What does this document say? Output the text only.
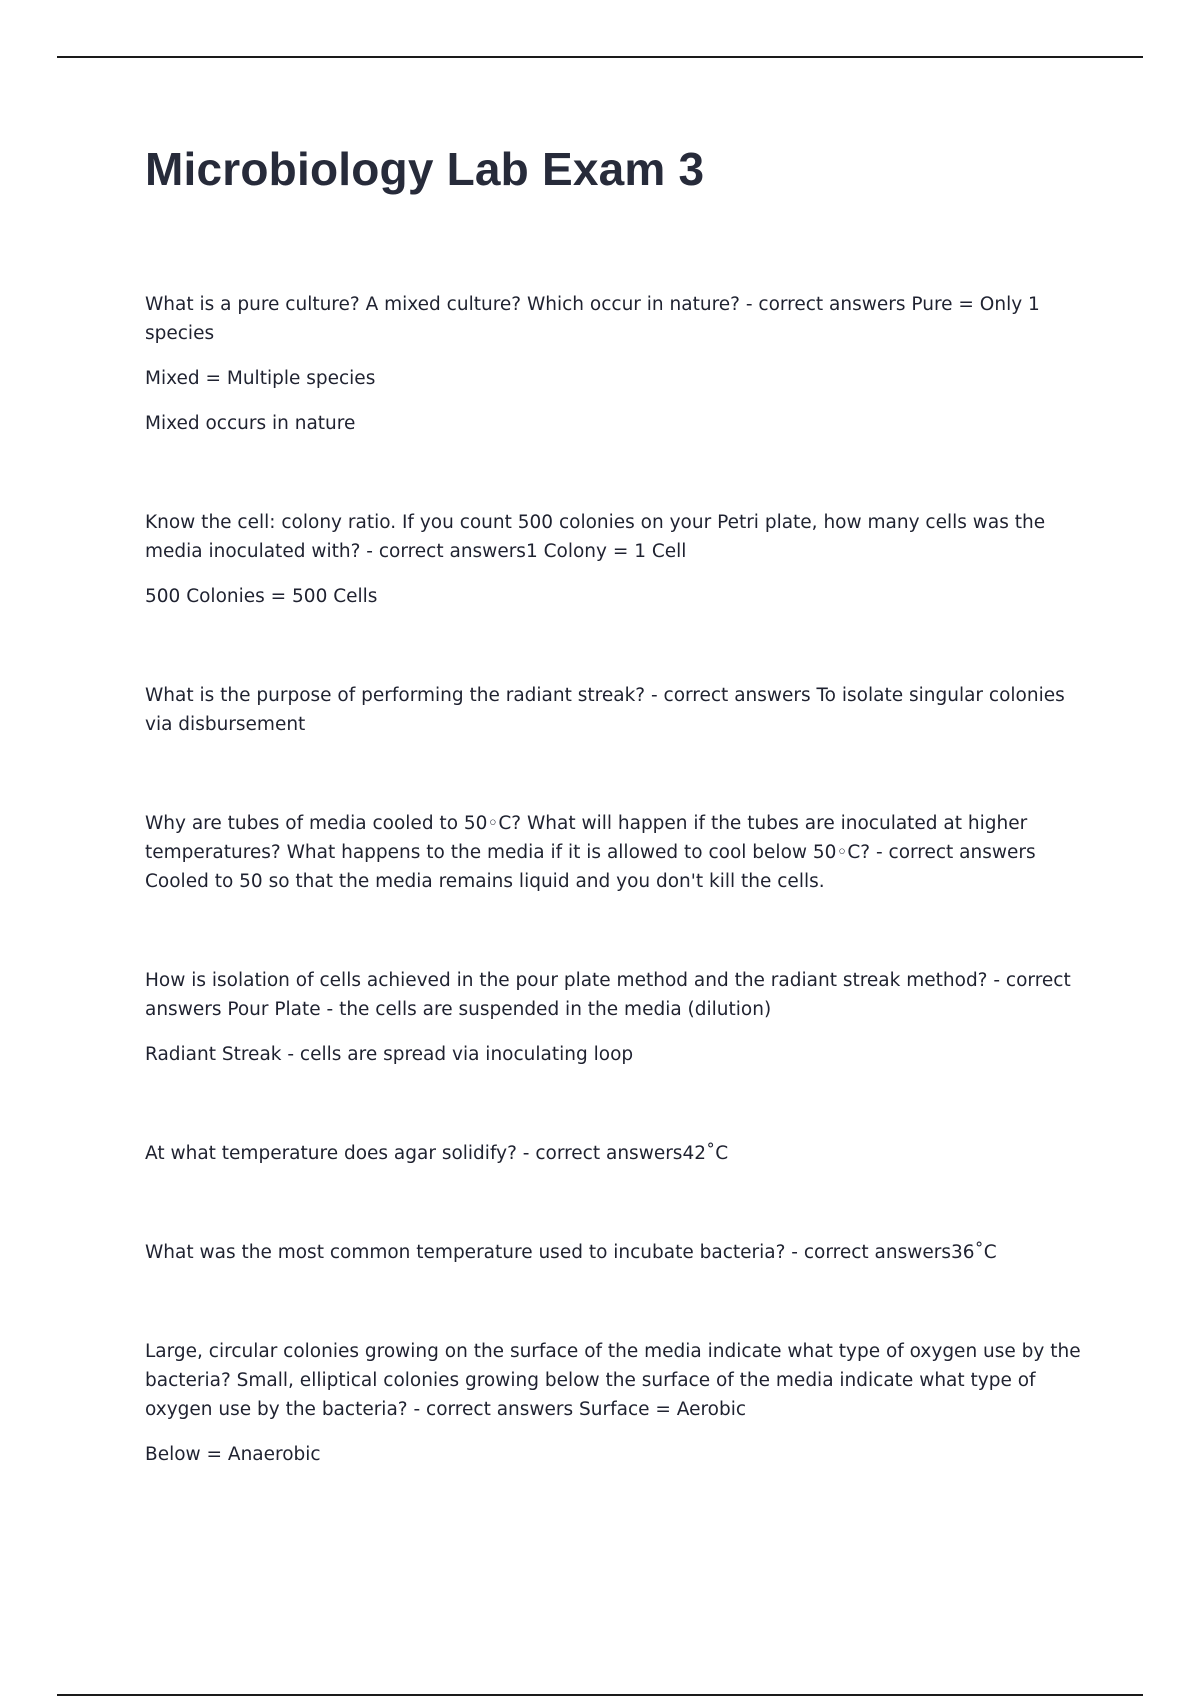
Microbiology Lab Exam 3

What is a pure culture? A mixed culture? Which occur in nature? - correct answers Pure = Only 1 species

Mixed = Multiple species

Mixed occurs in nature

Know the cell: colony ratio. If you count 500 colonies on your Petri plate, how many cells was the media inoculated with? - correct answers1 Colony = 1 Cell

500 Colonies = 500 Cells

What is the purpose of performing the radiant streak? - correct answers To isolate singular colonies via disbursement

Why are tubes of media cooled to 50◦C? What will happen if the tubes are inoculated at higher temperatures? What happens to the media if it is allowed to cool below 50◦C? - correct answers Cooled to 50 so that the media remains liquid and you don't kill the cells.

How is isolation of cells achieved in the pour plate method and the radiant streak method? - correct answers Pour Plate - the cells are suspended in the media (dilution)

Radiant Streak - cells are spread via inoculating loop

At what temperature does agar solidify? - correct answers42˚C

What was the most common temperature used to incubate bacteria? - correct answers36˚C

Large, circular colonies growing on the surface of the media indicate what type of oxygen use by the bacteria? Small, elliptical colonies growing below the surface of the media indicate what type of oxygen use by the bacteria? - correct answers Surface = Aerobic

Below = Anaerobic
